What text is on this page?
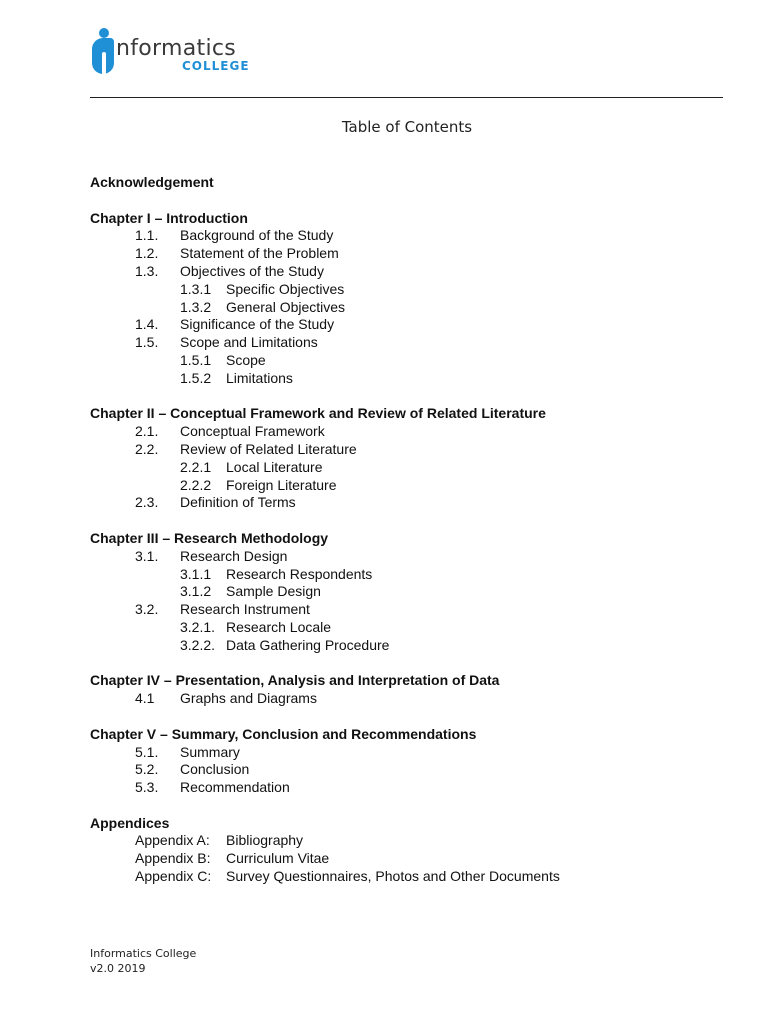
nformatics
COLLEGE
Table of Contents
Acknowledgement
Chapter I – Introduction
1.1. Background of the Study
1.2. Statement of the Problem
1.3. Objectives of the Study
1.3.1 Specific Objectives
1.3.2 General Objectives
1.4. Significance of the Study
1.5. Scope and Limitations
1.5.1 Scope
1.5.2 Limitations
Chapter II – Conceptual Framework and Review of Related Literature
2.1. Conceptual Framework
2.2. Review of Related Literature
2.2.1 Local Literature
2.2.2 Foreign Literature
2.3. Definition of Terms
Chapter III – Research Methodology
3.1. Research Design
3.1.1 Research Respondents
3.1.2 Sample Design
3.2. Research Instrument
3.2.1. Research Locale
3.2.2. Data Gathering Procedure
Chapter IV – Presentation, Analysis and Interpretation of Data
4.1 Graphs and Diagrams
Chapter V – Summary, Conclusion and Recommendations
5.1. Summary
5.2. Conclusion
5.3. Recommendation
Appendices
Appendix A: Bibliography
Appendix B: Curriculum Vitae
Appendix C: Survey Questionnaires, Photos and Other Documents
Informatics College
v2.0 2019
